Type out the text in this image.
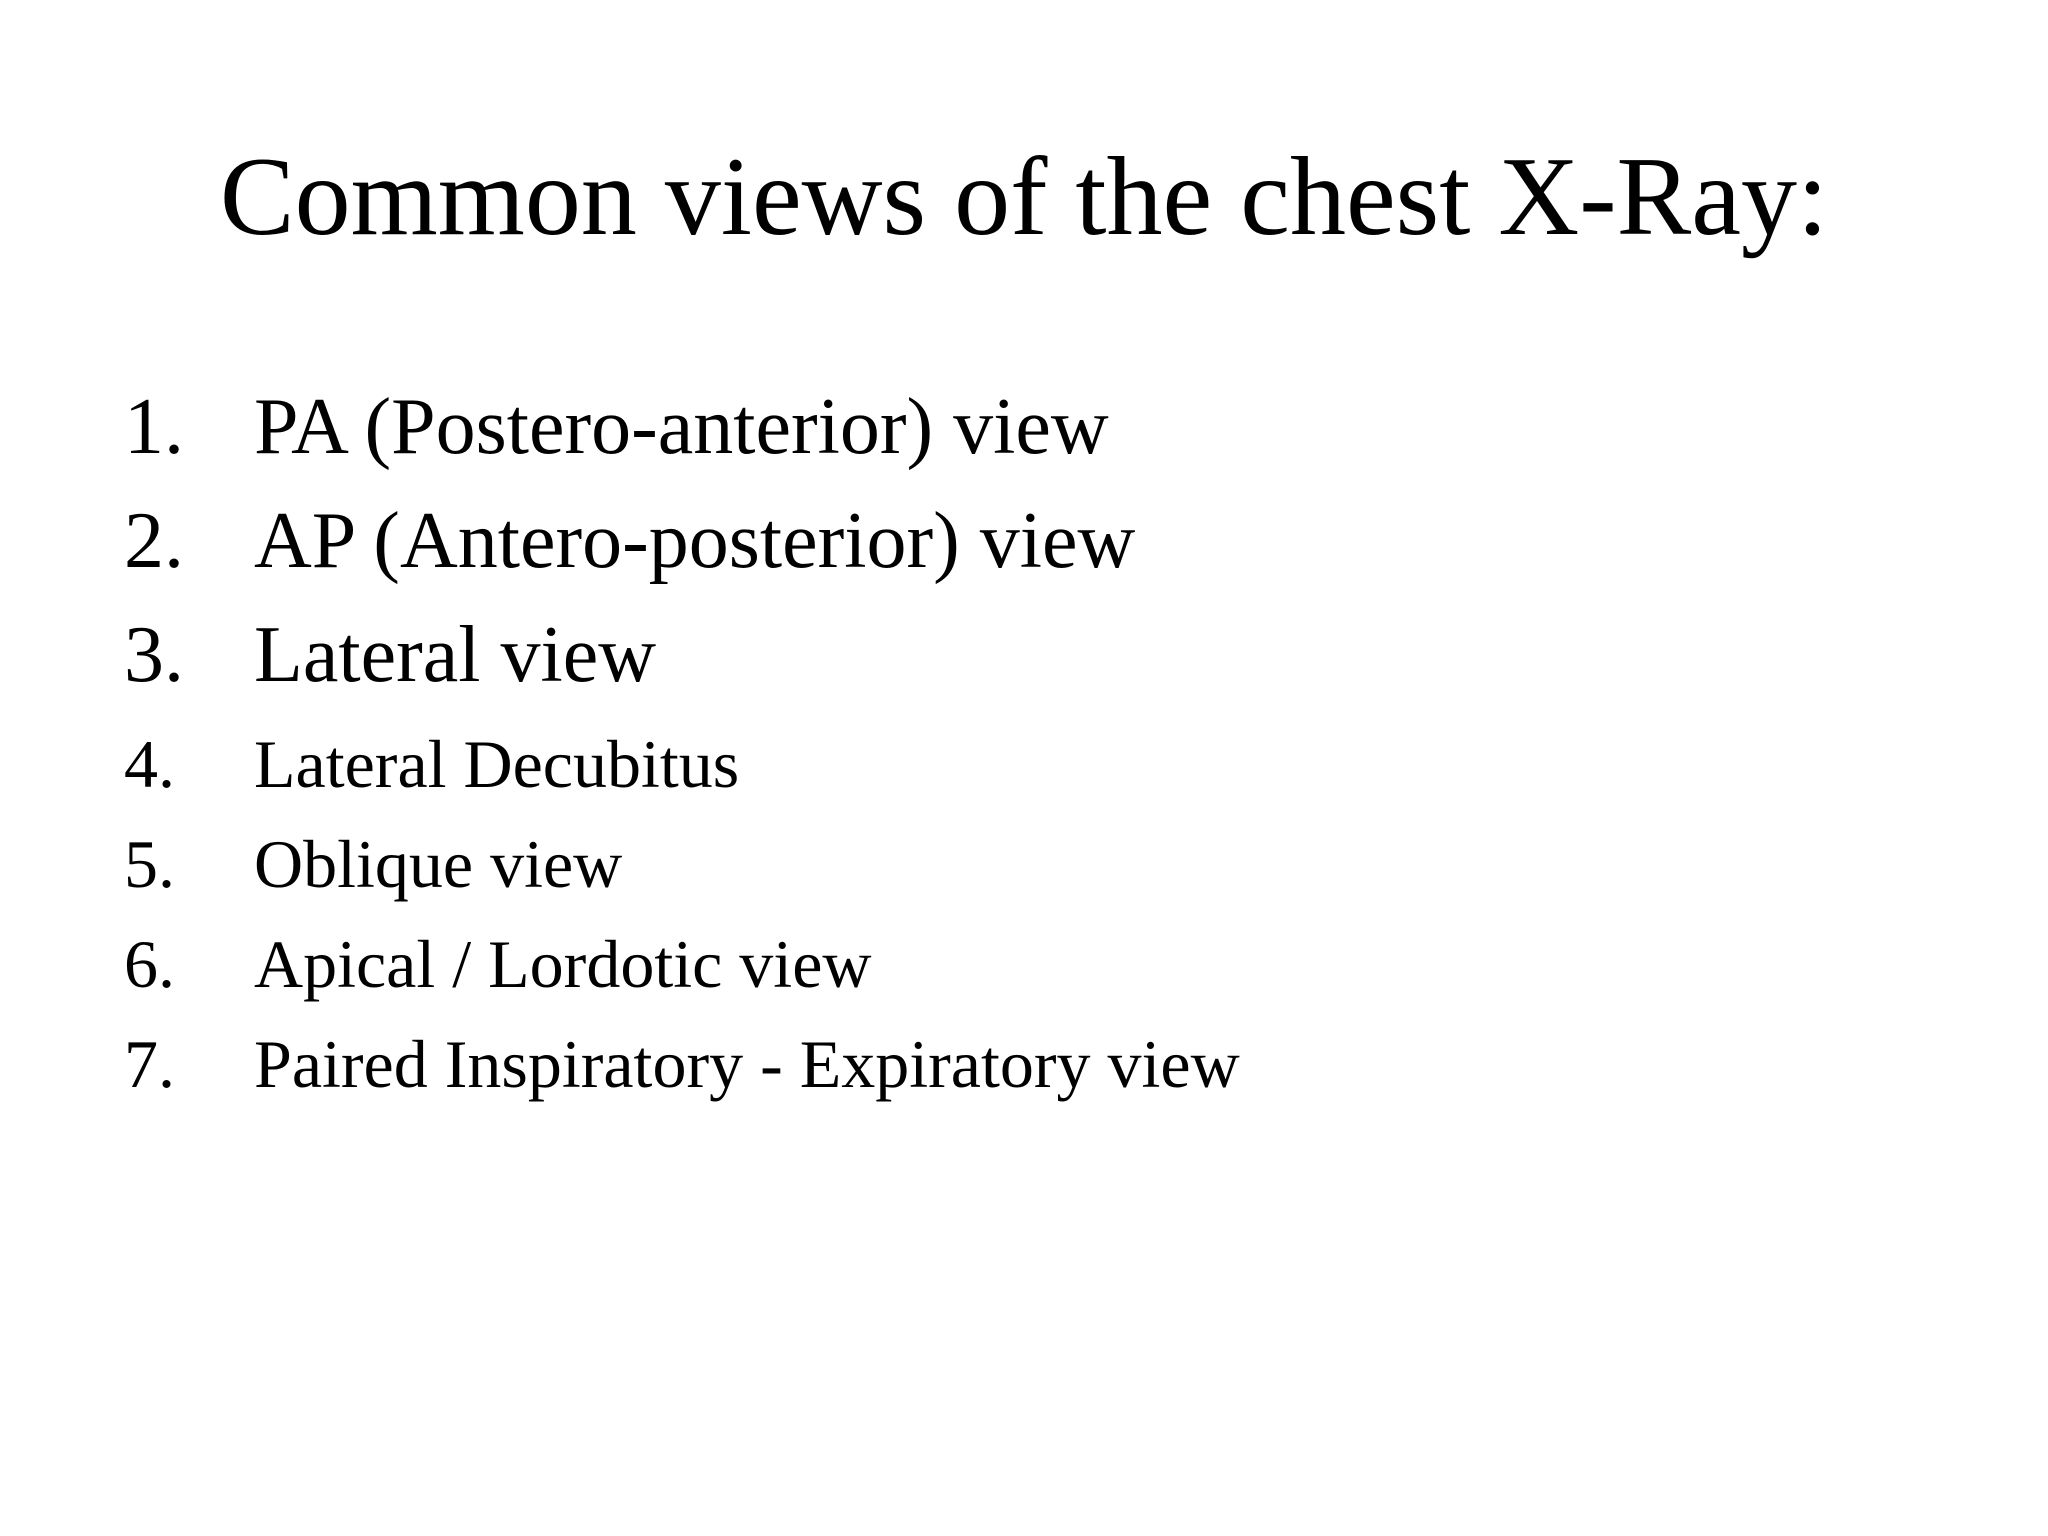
Common views of the chest X-Ray:
1. PA (Postero-anterior) view
2. AP (Antero-posterior) view
3. Lateral view
4. Lateral Decubitus
5. Oblique view
6. Apical / Lordotic view
7. Paired Inspiratory - Expiratory view
